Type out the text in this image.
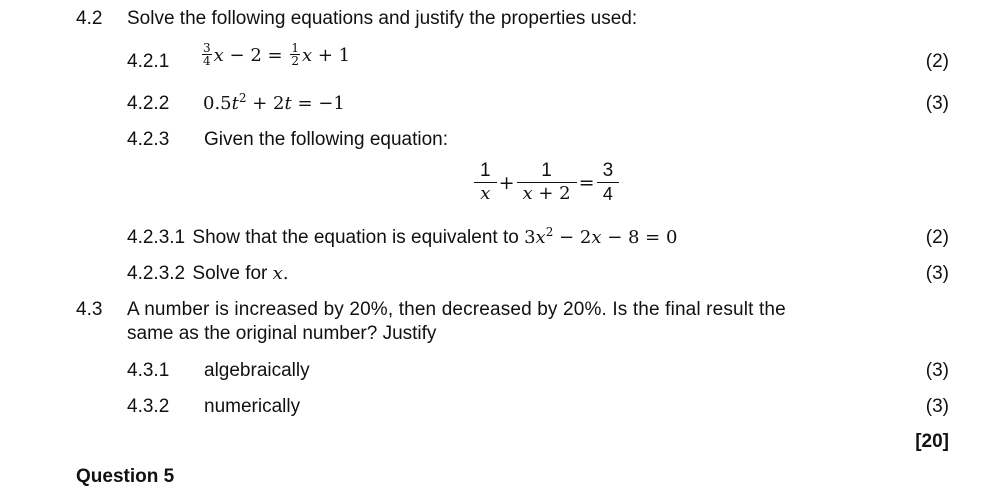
4.2 Solve the following equations and justify the properties used:
4.2.1	$\frac{3}{4}$ $x - 2 = \frac{1}{2}$ x + 1	(2)
4.2.2 $0.5t^2 + 2t = -1$	(3)
4.2.3 Given the following equation:
$\frac{1}{x} + \frac{1}{x + 2} = \frac{3}{4}$
4.2.3.1 Show that the equation is equivalent to $3x^2 - 2x - 8 = 0$	(2)
4.2.3.2 Solve for x.	(3)
4.3 A number is increased by 20%, then decreased by 20%. Is the final result the
same as the original number? Justify
4.3.1 algebraically	(3)
4.3.2 numerically	(3)
[20]
Question 5
